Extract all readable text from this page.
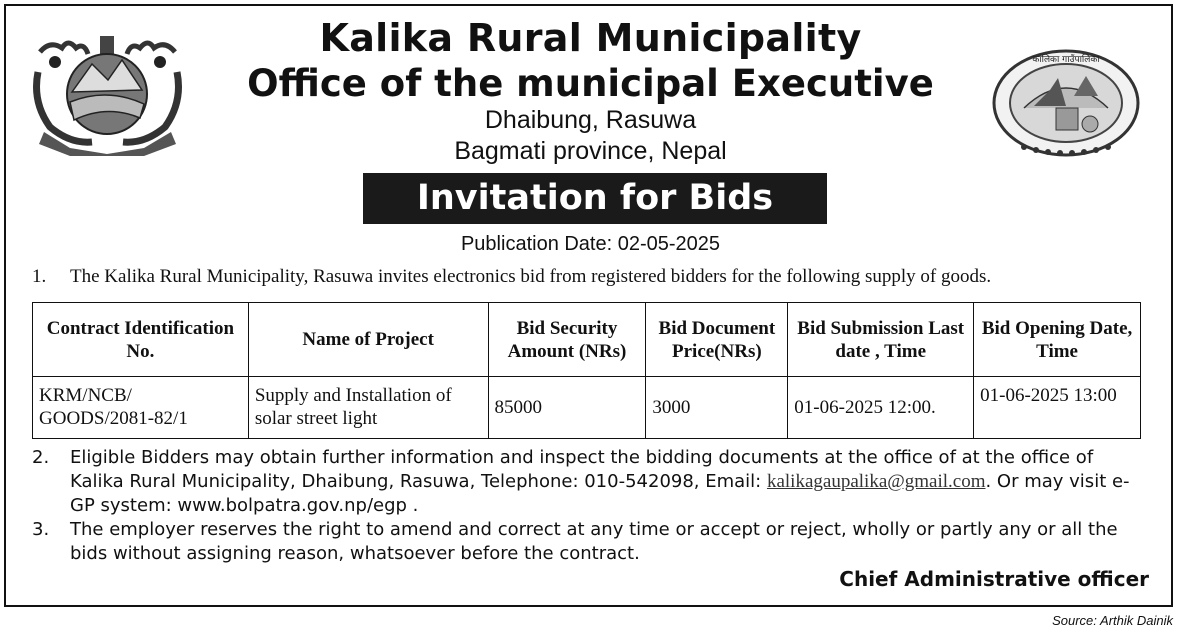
कालिका गाउँपालिका
Kalika Rural Municipality
Office of the municipal Executive
Dhaibung, Rasuwa
Bagmati province, Nepal
Invitation for Bids
Publication Date: 02-05-2025
1. The Kalika Rural Municipality, Rasuwa invites electronics bid from registered bidders for the following supply of goods.
Contract Identification No.	Name of Project	Bid Security Amount (NRs)	Bid Document Price(NRs)	Bid Submission Last date , Time	Bid Opening Date, Time
KRM/NCB/ GOODS/2081-82/1	Supply and Installation of solar street light	85000	3000	01-06-2025 12:00.	01-06-2025 13:00
2. Eligible Bidders may obtain further information and inspect the bidding documents at the office of at the office of Kalika Rural Municipality, Dhaibung, Rasuwa, Telephone: 010-542098, Email: kalikagaupalika@gmail.com. Or may visit e-GP system: www.bolpatra.gov.np/egp .
3. The employer reserves the right to amend and correct at any time or accept or reject, wholly or partly any or all the bids without assigning reason, whatsoever before the contract.
Chief Administrative officer
Source: Arthik Dainik
